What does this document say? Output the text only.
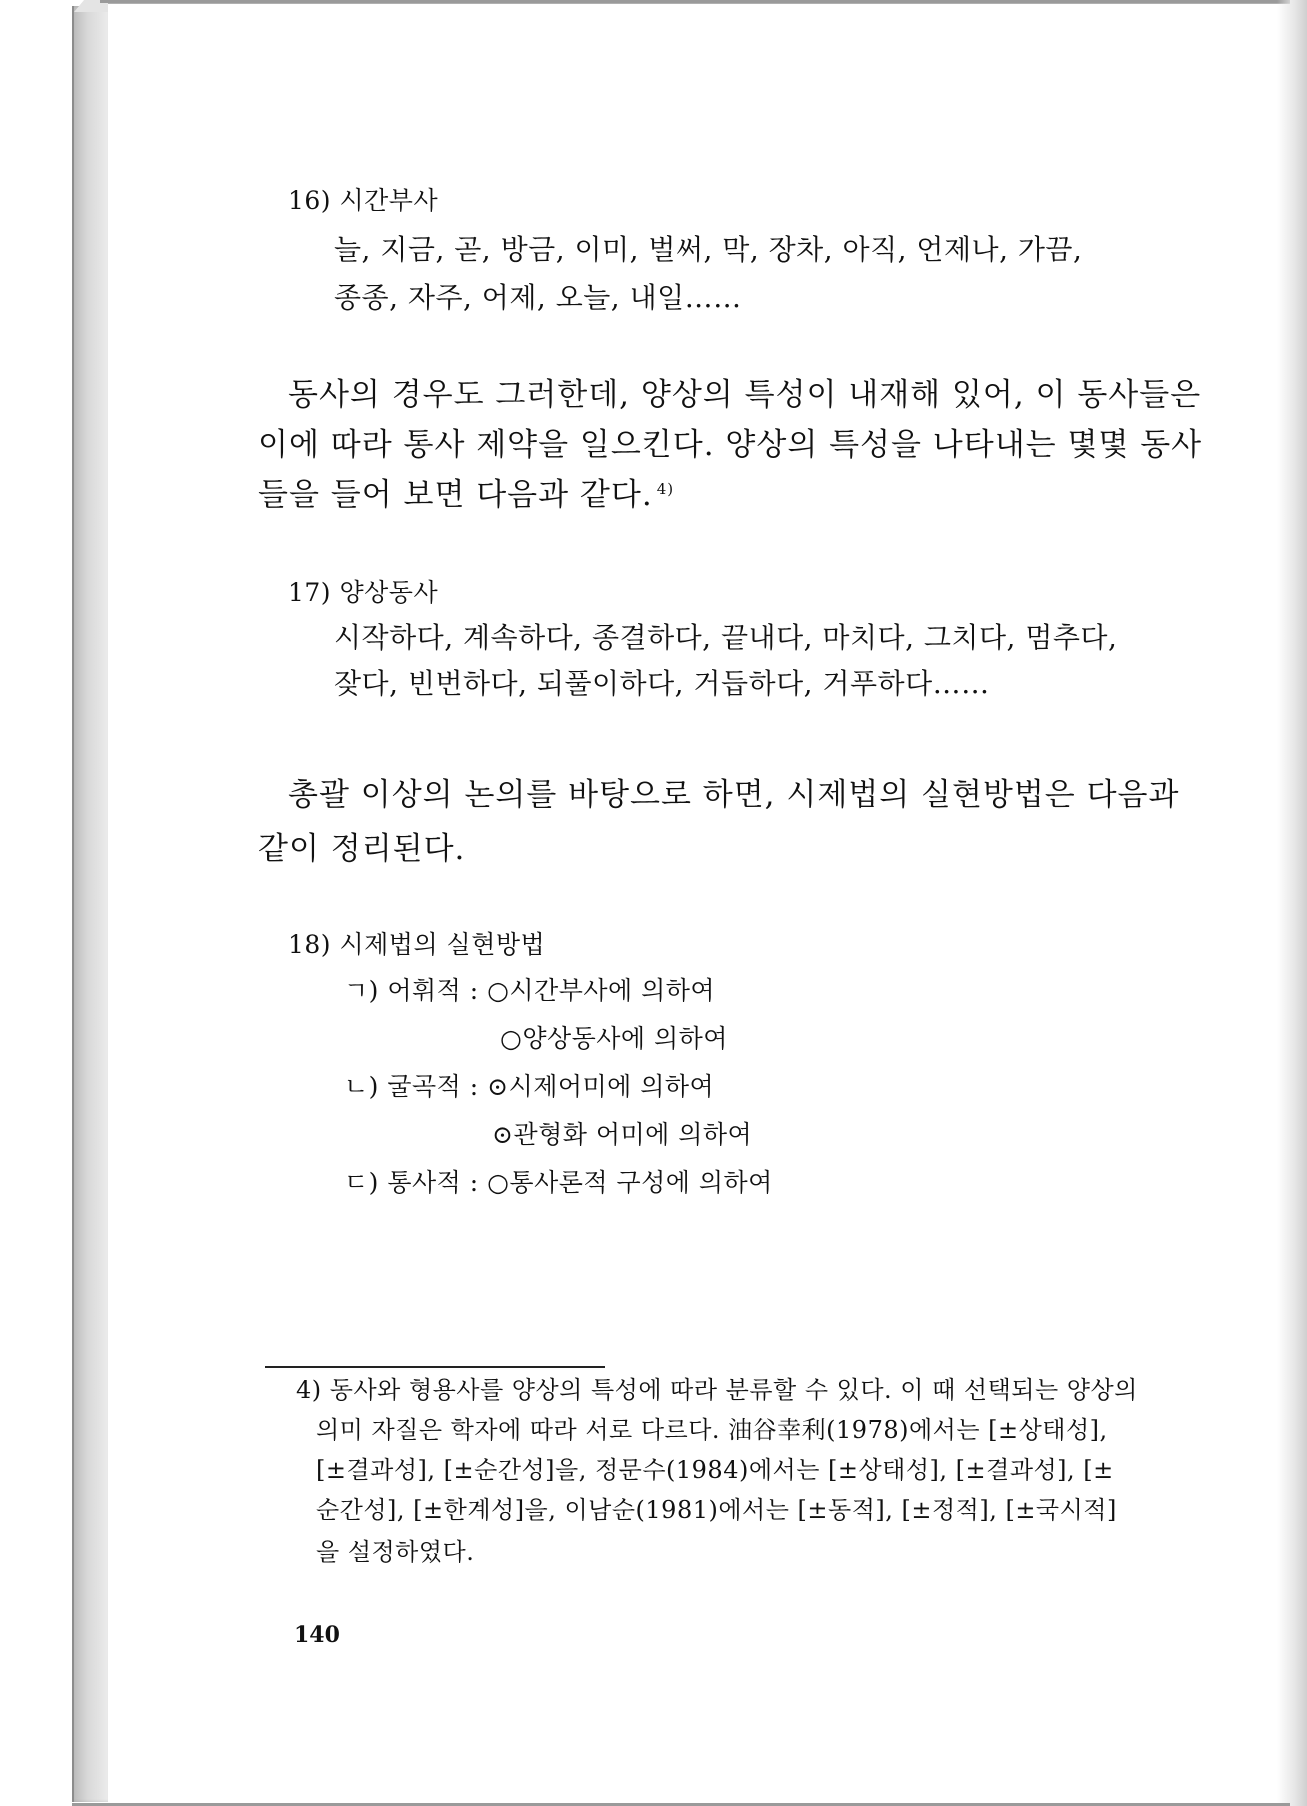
16) 시간부사
늘, 지금, 곧, 방금, 이미, 벌써, 막, 장차, 아직, 언제나, 가끔,
종종, 자주, 어제, 오늘, 내일……
동사의 경우도 그러한데, 양상의 특성이 내재해 있어, 이 동사들은
이에 따라 통사 제약을 일으킨다. 양상의 특성을 나타내는 몇몇 동사
들을 들어 보면 다음과 같다. $^{4)}$
17) 양상동사
시작하다, 계속하다, 종결하다, 끝내다, 마치다, 그치다, 멈추다,
잦다, 빈번하다, 되풀이하다, 거듭하다, 거푸하다……
총괄 이상의 논의를 바탕으로 하면, 시제법의 실현방법은 다음과
같이 정리된다.
18) 시제법의 실현방법
ㄱ) 어휘적 : ○시간부사에 의하여
○양상동사에 의하여
ㄴ) 굴곡적 : ⊙시제어미에 의하여
⊙관형화 어미에 의하여
ㄷ) 통사적 : ○통사론적 구성에 의하여
4) 동사와 형용사를 양상의 특성에 따라 분류할 수 있다. 이 때 선택되는 양상의
의미 자질은 학자에 따라 서로 다르다. 油谷幸利(1978)에서는 [±상태성],
[±결과성], [±순간성]을, 정문수(1984)에서는 [±상태성], [±결과성], [±
순간성], [±한계성]을, 이남순(1981)에서는 [±동적], [±정적], [±국시적]
을 설정하였다.
140
